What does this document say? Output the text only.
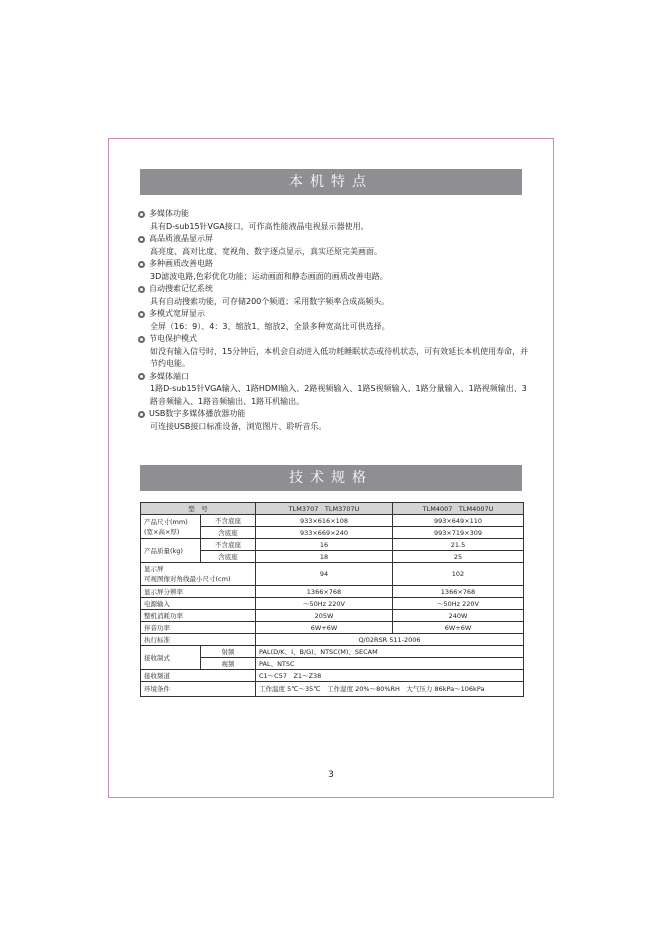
本机特点
多媒体功能
具有D-sub15针VGA接口，可作高性能液晶电视显示器使用。
高品质液晶显示屏
高亮度、高对比度、宽视角、数字逐点显示，真实还原完美画面。
多种画质改善电路
3D滤波电路,色彩优化功能；运动画面和静态画面的画质改善电路。
自动搜索记忆系统
具有自动搜索功能，可存储200个频道；采用数字频率合成高频头。
多模式宽屏显示
全屏（16：9）、4：3、缩放1、缩放2、全景多种宽高比可供选择。
节电保护模式
如没有输入信号时，15分钟后，本机会自动进入低功耗睡眠状态或待机状态，可有效延长本机使用寿命，并节约电能。
多媒体端口
1路D-sub15针VGA输入、1路HDMI输入、2路视频输入、1路S视频输入、1路分量输入、1路视频输出、3路音频输入、1路音频输出、1路耳机输出。
USB数字多媒体播放器功能
可连接USB接口标准设备，浏览图片、聆听音乐。
技术规格
型　号		TLM3707　TLM3707U	TLM4007　TLM4007U
产品尺寸(mm)
(宽×高×厚)	不含底座	933×616×108	993×649×110
	含底座	933×669×240	993×719×309
产品质量(kg)	不含底座	16	21.5
	含底座	18	25
显示屏
可视图像对角线最小尺寸(cm)		94	102
显示屏分辨率		1366×768	1366×768
电源输入		～50Hz 220V	～50Hz 220V
整机消耗功率		205W	240W
伴音功率		6W+6W	6W+6W
执行标准		Q/02RSR 511-2006	
接收制式	射频	PAL(D/K、I、B/G)、NTSC(M)、SECAM	
	视频	PAL、NTSC	
接收频道		C1～C57　Z1～Z38	
环境条件		工作温度 5℃～35℃　工作湿度 20%～80%RH　大气压力 86kPa～106kPa	
3
